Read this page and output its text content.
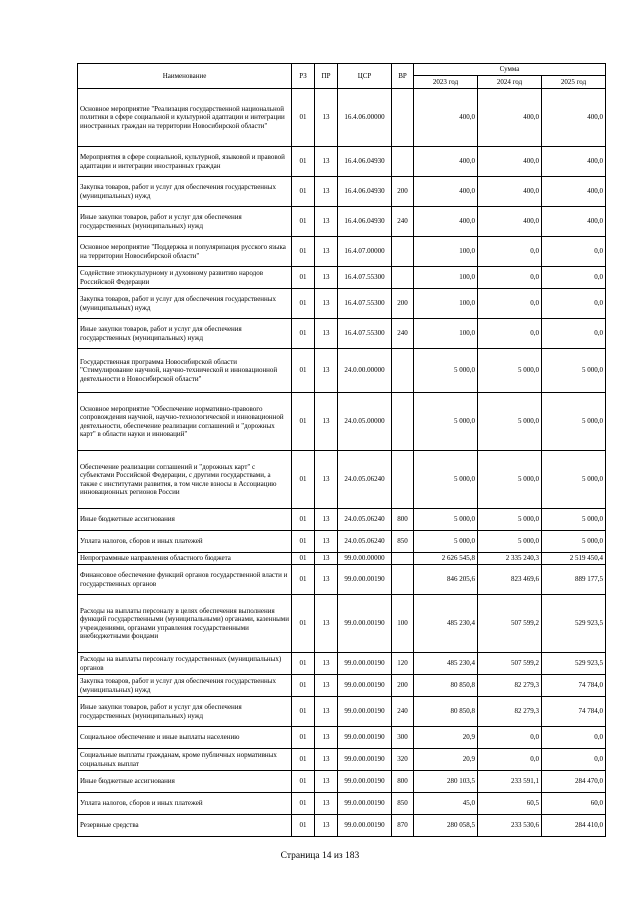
Наименование	РЗ	ПР	ЦСР	ВР	Сумма		
					2023 год	2024 год	2025 год
Основное мероприятие "Реализация государственной национальной политики в сфере социальной и культурной адаптации и интеграции иностранных граждан на территории Новосибирской области"	01	13	16.4.06.00000		400,0	400,0	400,0
Мероприятия в сфере социальной, культурной, языковой и правовой адаптации и интеграции иностранных граждан	01	13	16.4.06.04930		400,0	400,0	400,0
Закупка товаров, работ и услуг для обеспечения государственных (муниципальных) нужд	01	13	16.4.06.04930	200	400,0	400,0	400,0
Иные закупки товаров, работ и услуг для обеспечения государственных (муниципальных) нужд	01	13	16.4.06.04930	240	400,0	400,0	400,0
Основное мероприятие "Поддержка и популяризация русского языка на территории Новосибирской области"	01	13	16.4.07.00000		100,0	0,0	0,0
Содействие этнокультурному и духовному развитию народов Российской Федерации	01	13	16.4.07.55300		100,0	0,0	0,0
Закупка товаров, работ и услуг для обеспечения государственных (муниципальных) нужд	01	13	16.4.07.55300	200	100,0	0,0	0,0
Иные закупки товаров, работ и услуг для обеспечения государственных (муниципальных) нужд	01	13	16.4.07.55300	240	100,0	0,0	0,0
Государственная программа Новосибирской области "Стимулирование научной, научно-технической и инновационной деятельности в Новосибирской области"	01	13	24.0.00.00000		5 000,0	5 000,0	5 000,0
Основное мероприятие "Обеспечение нормативно-правового сопровождения научной, научно-технологической и инновационной деятельности, обеспечение реализации соглашений и "дорожных карт" в области науки и инноваций"	01	13	24.0.05.00000		5 000,0	5 000,0	5 000,0
Обеспечение реализации соглашений и "дорожных карт" с субъектами Российской Федерации, с другими государствами, а также с институтами развития, в том числе взносы в Ассоциацию инновационных регионов России	01	13	24.0.05.06240		5 000,0	5 000,0	5 000,0
Иные бюджетные ассигнования	01	13	24.0.05.06240	800	5 000,0	5 000,0	5 000,0
Уплата налогов, сборов и иных платежей	01	13	24.0.05.06240	850	5 000,0	5 000,0	5 000,0
Непрограммные направления областного бюджета	01	13	99.0.00.00000		2 626 545,8	2 335 240,3	2 519 450,4
Финансовое обеспечение функций органов государственной власти и государственных органов	01	13	99.0.00.00190		846 205,6	823 469,6	889 177,5
Расходы на выплаты персоналу в целях обеспечения выполнения функций государственными (муниципальными) органами, казенными учреждениями, органами управления государственными внебюджетными фондами	01	13	99.0.00.00190	100	485 230,4	507 599,2	529 923,5
Расходы на выплаты персоналу государственных (муниципальных) органов	01	13	99.0.00.00190	120	485 230,4	507 599,2	529 923,5
Закупка товаров, работ и услуг для обеспечения государственных (муниципальных) нужд	01	13	99.0.00.00190	200	80 850,8	82 279,3	74 784,0
Иные закупки товаров, работ и услуг для обеспечения государственных (муниципальных) нужд	01	13	99.0.00.00190	240	80 850,8	82 279,3	74 784,0
Социальное обеспечение и иные выплаты населению	01	13	99.0.00.00190	300	20,9	0,0	0,0
Социальные выплаты гражданам, кроме публичных нормативных социальных выплат	01	13	99.0.00.00190	320	20,9	0,0	0,0
Иные бюджетные ассигнования	01	13	99.0.00.00190	800	280 103,5	233 591,1	284 470,0
Уплата налогов, сборов и иных платежей	01	13	99.0.00.00190	850	45,0	60,5	60,0
Резервные средства	01	13	99.0.00.00190	870	280 058,5	233 530,6	284 410,0
Страница 14 из 183
